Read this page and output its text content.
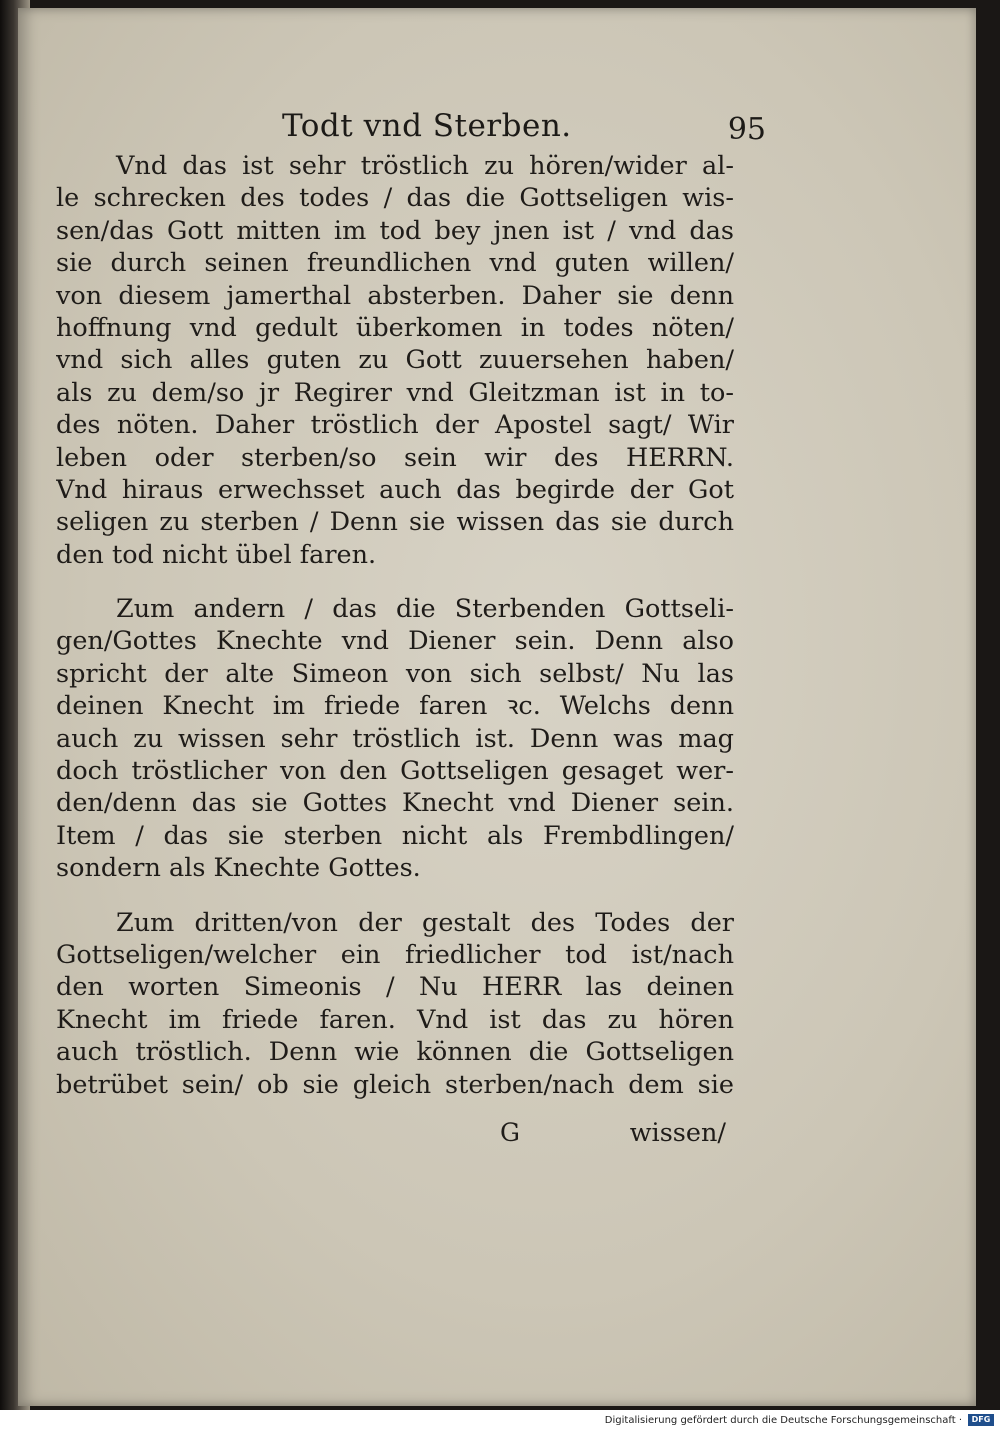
Todt vnd Sterben.	95
Vnd das ist sehr tröstlich zu hören/wider al-
le schrecken des todes / das die Gottseligen wis-
sen/das Gott mitten im tod bey jnen ist / vnd das
sie durch seinen freundlichen vnd guten willen/
von diesem jamerthal absterben. Daher sie denn
hoffnung vnd gedult überkomen in todes nöten/
vnd sich alles guten zu Gott zuuersehen haben/
als zu dem/so jr Regirer vnd Gleitzman ist in to-
des nöten. Daher tröstlich der Apostel sagt/ Wir
leben oder sterben/so sein wir des HERRN.
Vnd hiraus erwechsset auch das begirde der Got
seligen zu sterben / Denn sie wissen das sie durch
den tod nicht übel faren.
Zum andern / das die Sterbenden Gottseli-
gen/Gottes Knechte vnd Diener sein. Denn also
spricht der alte Simeon von sich selbst/ Nu las
deinen Knecht im friede faren ꝛc. Welchs denn
auch zu wissen sehr tröstlich ist. Denn was mag
doch tröstlicher von den Gottseligen gesaget wer-
den/denn das sie Gottes Knecht vnd Diener sein.
Item / das sie sterben nicht als Frembdlingen/
sondern als Knechte Gottes.
Zum dritten/von der gestalt des Todes der
Gottseligen/welcher ein friedlicher tod ist/nach
den worten Simeonis / Nu HERR las deinen
Knecht im friede faren. Vnd ist das zu hören
auch tröstlich. Denn wie können die Gottseligen
betrübet sein/ ob sie gleich sterben/nach dem sie
G	wissen/
Digitalisierung gefördert durch die Deutsche Forschungsgemeinschaft ·	DFG
